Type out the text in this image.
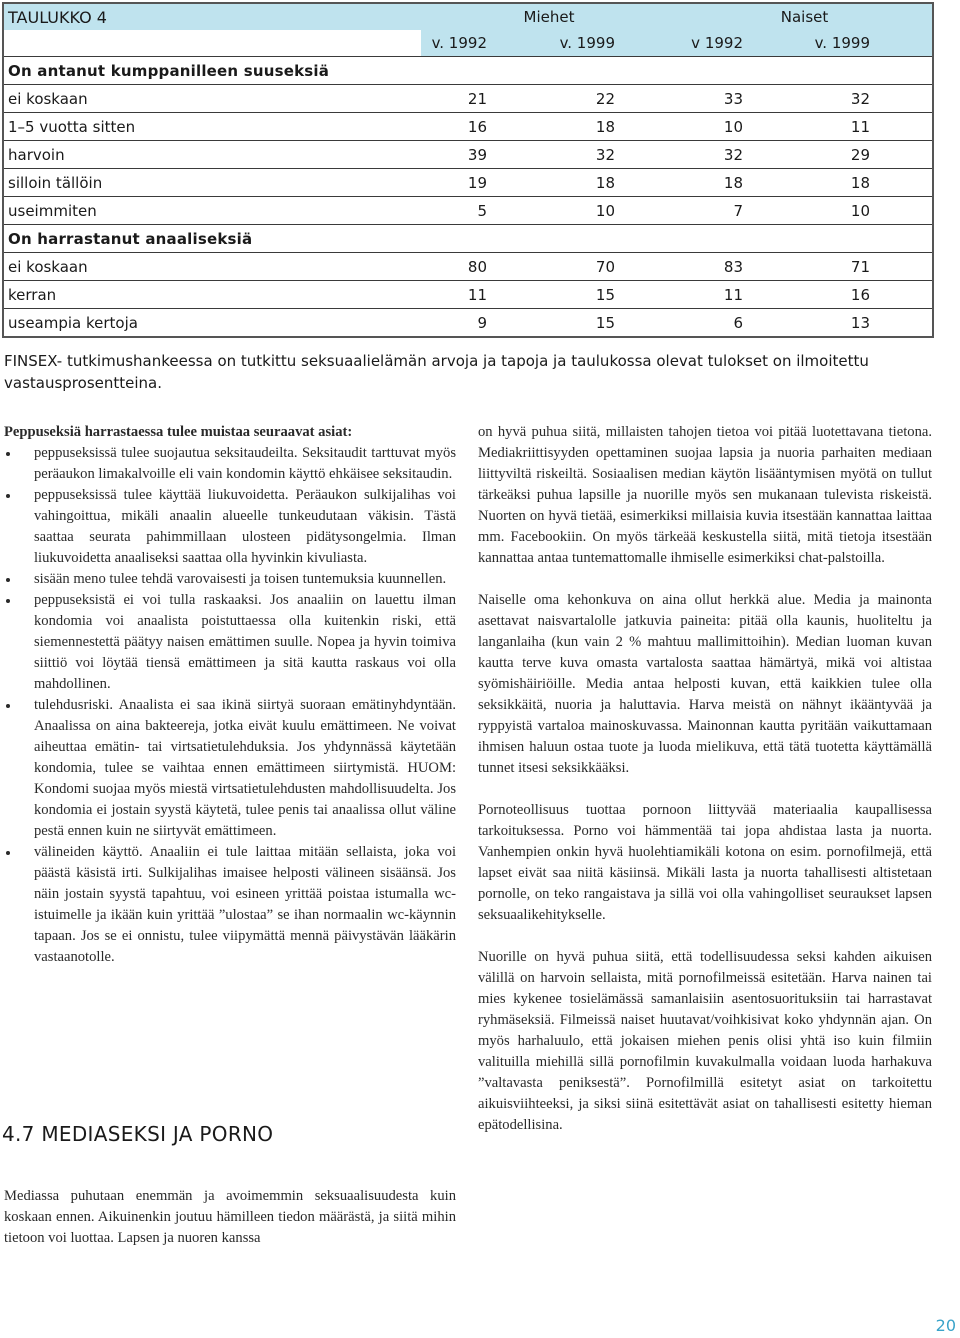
TAULUKKO 4	Miehet		Naiset	
	v. 1992	v. 1999	v 1992	v. 1999
On antanut kumppanilleen suuseksiä				
ei koskaan	21	22	33	32
1–5 vuotta sitten	16	18	10	11
harvoin	39	32	32	29
silloin tällöin	19	18	18	18
useimmiten	5	10	7	10
On harrastanut anaaliseksiä				
ei koskaan	80	70	83	71
kerran	11	15	11	16
useampia kertoja	9	15	6	13

FINSEX- tutkimushankeessa on tutkittu seksuaalielämän arvoja ja tapoja ja taulukossa olevat tulokset on ilmoitettu vastausprosentteina.

Peppuseksiä harrastaessa tulee muistaa seuraavat asiat:
peppuseksissä tulee suojautua seksitaudeilta. Seksitaudit tarttuvat myös peräaukon limakalvoille eli vain kondomin käyttö ehkäisee seksitaudin.
peppuseksissä tulee käyttää liukuvoidetta. Peräaukon sulkijalihas voi vahingoittua, mikäli anaalin alueelle tunkeudutaan väkisin. Tästä saattaa seurata pahimmillaan ulosteen pidätysongelmia. Ilman liukuvoidetta anaaliseksi saattaa olla hyvinkin kivuliasta.
sisään meno tulee tehdä varovaisesti ja toisen tuntemuksia kuunnellen.
peppuseksistä ei voi tulla raskaaksi. Jos anaaliin on lauettu ilman kondomia voi anaalista poistuttaessa olla kuitenkin riski, että siemennestettä päätyy naisen emättimen suulle. Nopea ja hyvin toimiva siittiö voi löytää tiensä emättimeen ja sitä kautta raskaus voi olla mahdollinen.
tulehdusriski. Anaalista ei saa ikinä siirtyä suoraan emätinyhdyntään. Anaalissa on aina bakteereja, jotka eivät kuulu emättimeen. Ne voivat aiheuttaa emätin- tai virtsatietulehduksia. Jos yhdynnässä käytetään kondomia, tulee se vaihtaa ennen emättimeen siirtymistä. HUOM: Kondomi suojaa myös miestä virtsatietulehdusten mahdollisuudelta. Jos kondomia ei jostain syystä käytetä, tulee penis tai anaalissa ollut väline pestä ennen kuin ne siirtyvät emättimeen.
välineiden käyttö. Anaaliin ei tule laittaa mitään sellaista, joka voi päästä käsistä irti. Sulkijalihas imaisee helposti välineen sisäänsä. Jos näin jostain syystä tapahtuu, voi esineen yrittää poistaa istumalla wc-istuimelle ja ikään kuin yrittää ”ulostaa” se ihan normaalin wc-käynnin tapaan. Jos se ei onnistu, tulee viipymättä mennä päivystävän lääkärin vastaanotolle.
4.7 MEDIASEKSI JA PORNO

Mediassa puhutaan enemmän ja avoimemmin seksuaalisuudesta kuin koskaan ennen. Aikuinenkin joutuu hämilleen tiedon määrästä, ja siitä mihin tietoon voi luottaa. Lapsen ja nuoren kanssa

on hyvä puhua siitä, millaisten tahojen tietoa voi pitää luotettavana tietona. Mediakriittisyyden opettaminen suojaa lapsia ja nuoria parhaiten mediaan liittyviltä riskeiltä. Sosiaalisen median käytön lisääntymisen myötä on tullut tärkeäksi puhua lapsille ja nuorille myös sen mukanaan tulevista riskeistä. Nuorten on hyvä tietää, esimerkiksi millaisia kuvia itsestään kannattaa laittaa mm. Facebookiin. On myös tärkeää keskustella siitä, mitä tietoja itsestään kannattaa antaa tuntemattomalle ihmiselle esimerkiksi chat-palstoilla.

Naiselle oma kehonkuva on aina ollut herkkä alue. Media ja mainonta asettavat naisvartalolle jatkuvia paineita: pitää olla kaunis, huoliteltu ja langanlaiha (kun vain 2 % mahtuu mallimittoihin). Median luoman kuvan kautta terve kuva omasta vartalosta saattaa hämärtyä, mikä voi altistaa syömishäiriöille. Media antaa helposti kuvan, että kaikkien tulee olla seksikkäitä, nuoria ja haluttavia. Harva meistä on nähnyt ikääntyvää ja ryppyistä vartaloa mainoskuvassa. Mainonnan kautta pyritään vaikuttamaan ihmisen haluun ostaa tuote ja luoda mielikuva, että tätä tuotetta käyttämällä tunnet itsesi seksikkääksi.

Pornoteollisuus tuottaa pornoon liittyvää materiaalia kaupallisessa tarkoituksessa. Porno voi hämmentää tai jopa ahdistaa lasta ja nuorta. Vanhempien onkin hyvä huolehtiamikäli kotona on esim. pornofilmejä, että lapset eivät saa niitä käsiinsä. Mikäli lasta ja nuorta tahallisesti altistetaan pornolle, on teko rangaistava ja sillä voi olla vahingolliset seuraukset lapsen seksuaalikehitykselle.

Nuorille on hyvä puhua siitä, että todellisuudessa seksi kahden aikuisen välillä on harvoin sellaista, mitä pornofilmeissä esitetään. Harva nainen tai mies kykenee tosielämässä samanlaisiin asentosuorituksiin tai harrastavat ryhmäseksiä. Filmeissä naiset huutavat/voihkisivat koko yhdynnän ajan. On myös harhaluulo, että jokaisen miehen penis olisi yhtä iso kuin filmiin valituilla miehillä sillä pornofilmin kuvakulmalla voidaan luoda harhakuva ”valtavasta peniksestä”. Pornofilmillä esitetyt asiat on tarkoitettu aikuisviihteeksi, ja siksi siinä esitettävät asiat on tahallisesti esitetty hieman epätodellisina.

20
